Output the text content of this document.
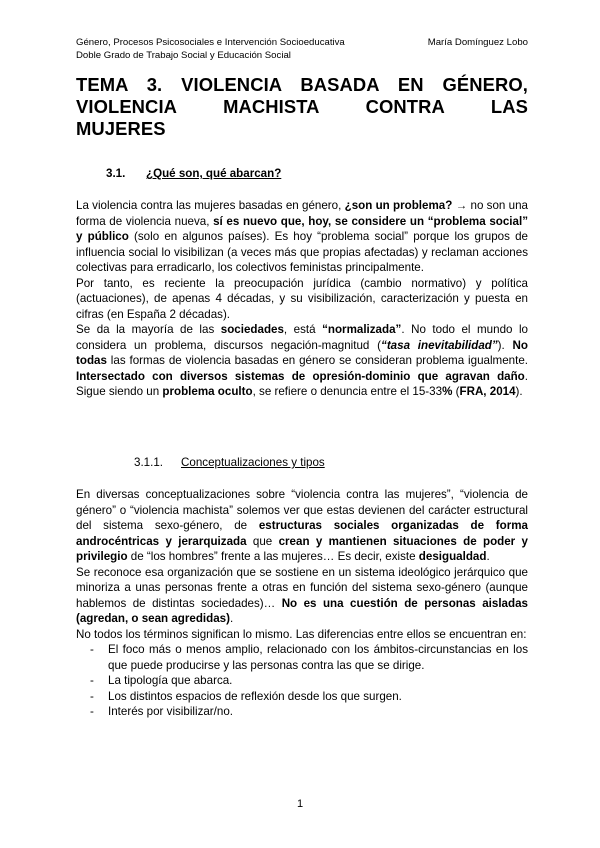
Género, Procesos Psicosociales e Intervención Socioeducativa	María Domínguez Lobo
Doble Grado de Trabajo Social y Educación Social
TEMA 3. VIOLENCIA BASADA EN GÉNERO,
VIOLENCIA MACHISTA CONTRA LAS
MUJERES
3.1. ¿Qué son, qué abarcan?

La violencia contra las mujeres basadas en género, ¿son un problema? → no son una forma de violencia nueva, sí es nuevo que, hoy, se considere un “problema social” y público (solo en algunos países). Es hoy “problema social” porque los grupos de influencia social lo visibilizan (a veces más que propias afectadas) y reclaman acciones colectivas para erradicarlo, los colectivos feministas principalmente.

Por tanto, es reciente la preocupación jurídica (cambio normativo) y política (actuaciones), de apenas 4 décadas, y su visibilización, caracterización y puesta en cifras (en España 2 décadas).

Se da la mayoría de las sociedades, está “normalizada”. No todo el mundo lo considera un problema, discursos negación-magnitud (“tasa inevitabilidad”). No todas las formas de violencia basadas en género se consideran problema igualmente. Intersectado con diversos sistemas de opresión-dominio que agravan daño. Sigue siendo un problema oculto, se refiere o denuncia entre el 15-33% (FRA, 2014).

3.1.1. Conceptualizaciones y tipos

En diversas conceptualizaciones sobre “violencia contra las mujeres”, “violencia de género” o “violencia machista” solemos ver que estas devienen del carácter estructural del sistema sexo-género, de estructuras sociales organizadas de forma androcéntricas y jerarquizada que crean y mantienen situaciones de poder y privilegio de “los hombres” frente a las mujeres… Es decir, existe desigualdad.

Se reconoce esa organización que se sostiene en un sistema ideológico jerárquico que minoriza a unas personas frente a otras en función del sistema sexo-género (aunque hablemos de distintas sociedades)… No es una cuestión de personas aisladas (agredan, o sean agredidas).

No todos los términos significan lo mismo. Las diferencias entre ellos se encuentran en:

- El foco más o menos amplio, relacionado con los ámbitos-circunstancias en los que puede producirse y las personas contra las que se dirige.
- La tipología que abarca.
- Los distintos espacios de reflexión desde los que surgen.
- Interés por visibilizar/no.
1
